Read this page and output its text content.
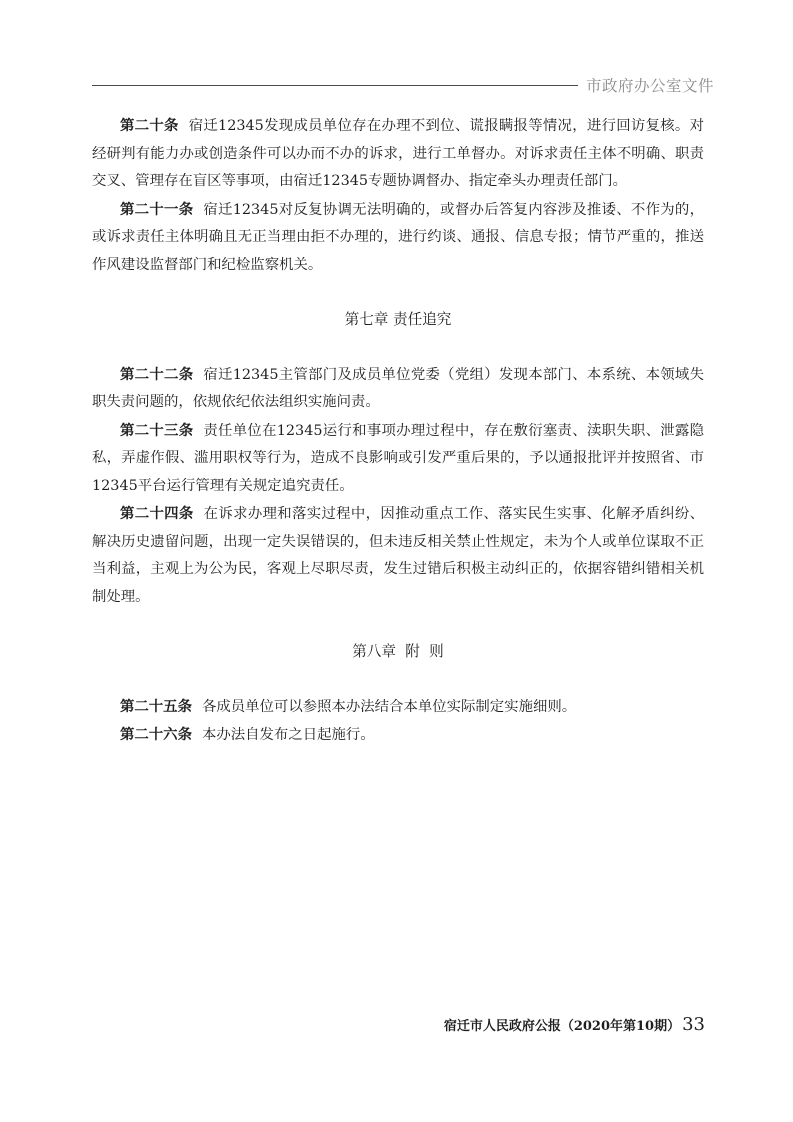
市政府办公室文件

第二十条 宿迁12345发现成员单位存在办理不到位、谎报瞒报等情况，进行回访复核。对经研判有能力办或创造条件可以办而不办的诉求，进行工单督办。对诉求责任主体不明确、职责交叉、管理存在盲区等事项，由宿迁12345专题协调督办、指定牵头办理责任部门。

第二十一条 宿迁12345对反复协调无法明确的，或督办后答复内容涉及推诿、不作为的，或诉求责任主体明确且无正当理由拒不办理的，进行约谈、通报、信息专报；情节严重的，推送作风建设监督部门和纪检监察机关。

第七章 责任追究

第二十二条 宿迁12345主管部门及成员单位党委（党组）发现本部门、本系统、本领域失职失责问题的，依规依纪依法组织实施问责。

第二十三条 责任单位在12345运行和事项办理过程中，存在敷衍塞责、渎职失职、泄露隐私，弄虚作假、滥用职权等行为，造成不良影响或引发严重后果的，予以通报批评并按照省、市12345平台运行管理有关规定追究责任。

第二十四条 在诉求办理和落实过程中，因推动重点工作、落实民生实事、化解矛盾纠纷、解决历史遗留问题，出现一定失误错误的，但未违反相关禁止性规定，未为个人或单位谋取不正当利益，主观上为公为民，客观上尽职尽责，发生过错后积极主动纠正的，依据容错纠错相关机制处理。

第八章  附  则

第二十五条 各成员单位可以参照本办法结合本单位实际制定实施细则。

第二十六条 本办法自发布之日起施行。

宿迁市人民政府公报（2020年第10期） 33
